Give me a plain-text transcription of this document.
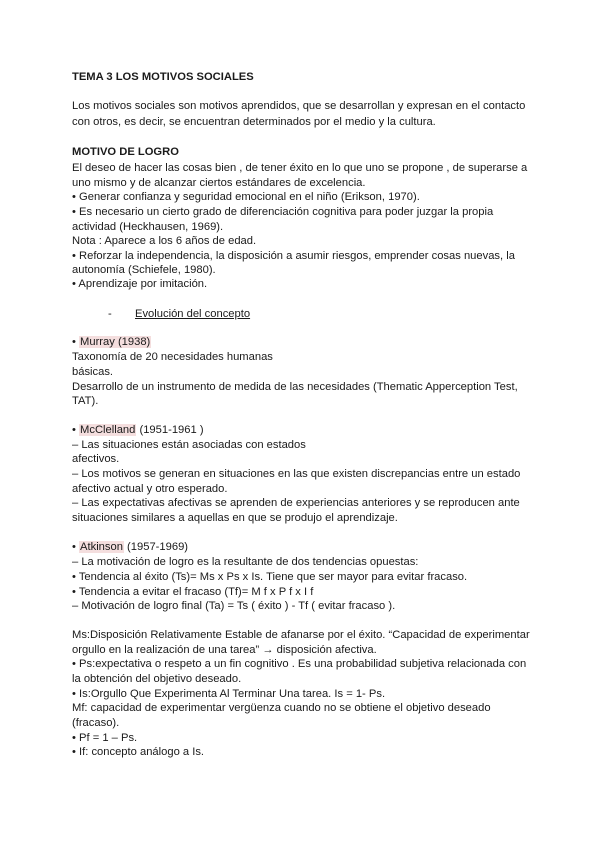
TEMA 3 LOS MOTIVOS SOCIALES

Los motivos sociales son motivos aprendidos, que se desarrollan y expresan en el contacto

con otros, es decir, se encuentran determinados por el medio y la cultura.

MOTIVO DE LOGRO

El deseo de hacer las cosas bien , de tener éxito en lo que uno se propone , de superarse a

uno mismo y de alcanzar ciertos estándares de excelencia.

• Generar confianza y seguridad emocional en el niño (Erikson, 1970).

• Es necesario un cierto grado de diferenciación cognitiva para poder juzgar la propia

actividad (Heckhausen, 1969).

Nota : Aparece a los 6 años de edad.

• Reforzar la independencia, la disposición a asumir riesgos, emprender cosas nuevas, la

autonomía (Schiefele, 1980).

• Aprendizaje por imitación.

- Evolución del concepto

• Murray (1938)

Taxonomía de 20 necesidades humanas

básicas.

Desarrollo de un instrumento de medida de las necesidades (Thematic Apperception Test,

TAT).

• McClelland (1951-1961 )

– Las situaciones están asociadas con estados

afectivos.

– Los motivos se generan en situaciones en las que existen discrepancias entre un estado

afectivo actual y otro esperado.

– Las expectativas afectivas se aprenden de experiencias anteriores y se reproducen ante

situaciones similares a aquellas en que se produjo el aprendizaje.

• Atkinson (1957-1969)

– La motivación de logro es la resultante de dos tendencias opuestas:

• Tendencia al éxito (Ts)= Ms x Ps x Is. Tiene que ser mayor para evitar fracaso.

• Tendencia a evitar el fracaso (Tf)= M f x P f x I f

– Motivación de logro final (Ta) = Ts ( éxito ) - Tf ( evitar fracaso ).

Ms:Disposición Relativamente Estable de afanarse por el éxito. “Capacidad de experimentar

orgullo en la realización de una tarea” → disposición afectiva.

• Ps:expectativa o respeto a un fin cognitivo . Es una probabilidad subjetiva relacionada con

la obtención del objetivo deseado.

• Is:Orgullo Que Experimenta Al Terminar Una tarea. Is = 1- Ps.

Mf: capacidad de experimentar vergüenza cuando no se obtiene el objetivo deseado

(fracaso).

• Pf = 1 – Ps.

• If: concepto análogo a Is.
